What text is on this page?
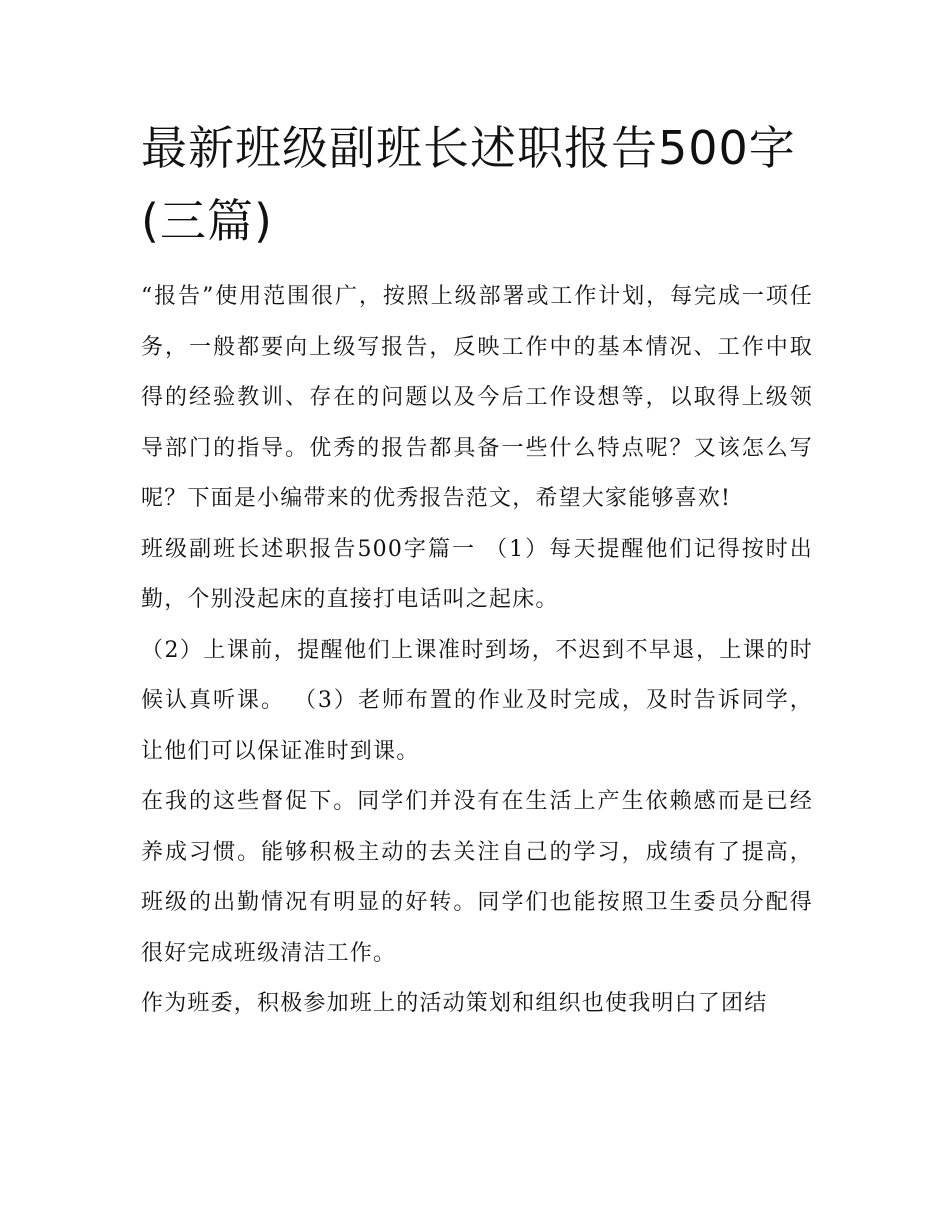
最新班级副班长述职报告500字(三篇)

“报告”使用范围很广，按照上级部署或工作计划，每完成一项任务，一般都要向上级写报告，反映工作中的基本情况、工作中取得的经验教训、存在的问题以及今后工作设想等，以取得上级领导部门的指导。优秀的报告都具备一些什么特点呢？又该怎么写呢？下面是小编带来的优秀报告范文，希望大家能够喜欢!

班级副班长述职报告500字篇一 （1）每天提醒他们记得按时出勤，个别没起床的直接打电话叫之起床。

（2）上课前，提醒他们上课准时到场，不迟到不早退，上课的时候认真听课。 （3）老师布置的作业及时完成，及时告诉同学，让他们可以保证准时到课。

在我的这些督促下。同学们并没有在生活上产生依赖感而是已经养成习惯。能够积极主动的去关注自己的学习，成绩有了提高，班级的出勤情况有明显的好转。同学们也能按照卫生委员分配得很好完成班级清洁工作。

作为班委，积极参加班上的活动策划和组织也使我明白了团结
